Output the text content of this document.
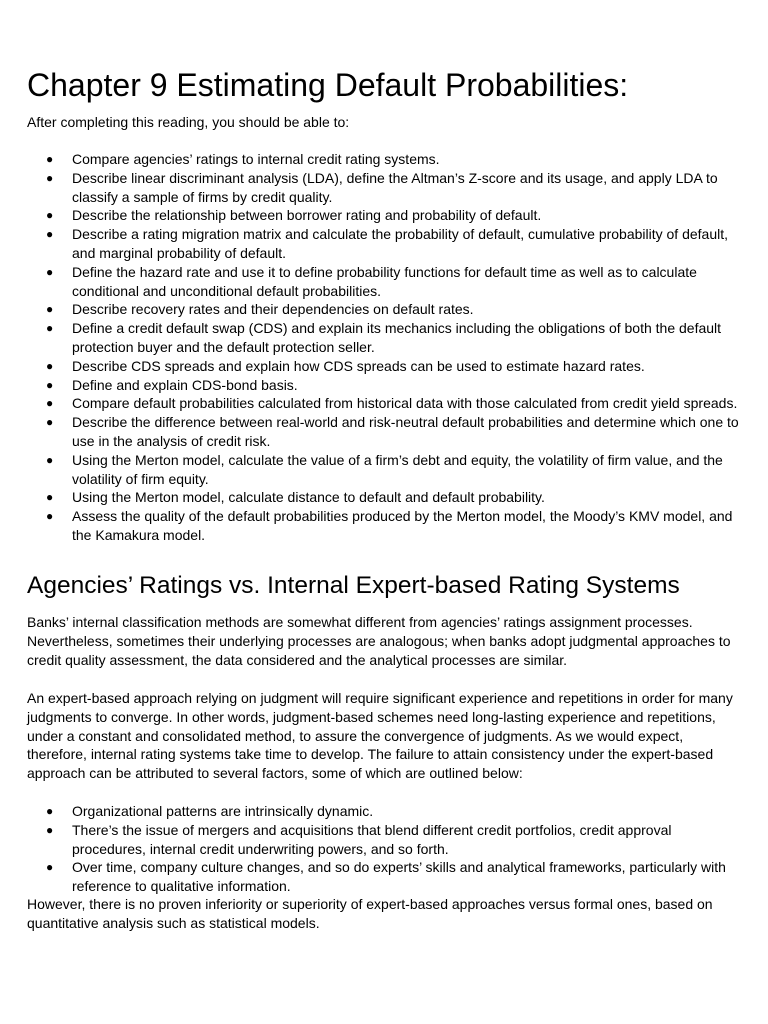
Chapter 9 Estimating Default Probabilities:

After completing this reading, you should be able to:

● Compare agencies’ ratings to internal credit rating systems.
● Describe linear discriminant analysis (LDA), define the Altman’s Z-score and its usage, and apply LDA to classify a sample of firms by credit quality.
● Describe the relationship between borrower rating and probability of default.
● Describe a rating migration matrix and calculate the probability of default, cumulative probability of default, and marginal probability of default.
● Define the hazard rate and use it to define probability functions for default time as well as to calculate conditional and unconditional default probabilities.
● Describe recovery rates and their dependencies on default rates.
● Define a credit default swap (CDS) and explain its mechanics including the obligations of both the default protection buyer and the default protection seller.
● Describe CDS spreads and explain how CDS spreads can be used to estimate hazard rates.
● Define and explain CDS-bond basis.
● Compare default probabilities calculated from historical data with those calculated from credit yield spreads.
● Describe the difference between real-world and risk-neutral default probabilities and determine which one to use in the analysis of credit risk.
● Using the Merton model, calculate the value of a firm’s debt and equity, the volatility of firm value, and the volatility of firm equity.
● Using the Merton model, calculate distance to default and default probability.
● Assess the quality of the default probabilities produced by the Merton model, the Moody’s KMV model, and the Kamakura model.
Agencies’ Ratings vs. Internal Expert-based Rating Systems

Banks’ internal classification methods are somewhat different from agencies’ ratings assignment processes. Nevertheless, sometimes their underlying processes are analogous; when banks adopt judgmental approaches to credit quality assessment, the data considered and the analytical processes are similar.

An expert-based approach relying on judgment will require significant experience and repetitions in order for many judgments to converge. In other words, judgment-based schemes need long-lasting experience and repetitions, under a constant and consolidated method, to assure the convergence of judgments. As we would expect, therefore, internal rating systems take time to develop. The failure to attain consistency under the expert-based approach can be attributed to several factors, some of which are outlined below:

● Organizational patterns are intrinsically dynamic.
● There’s the issue of mergers and acquisitions that blend different credit portfolios, credit approval procedures, internal credit underwriting powers, and so forth.
● Over time, company culture changes, and so do experts’ skills and analytical frameworks, particularly with reference to qualitative information.

However, there is no proven inferiority or superiority of expert-based approaches versus formal ones, based on quantitative analysis such as statistical models.
